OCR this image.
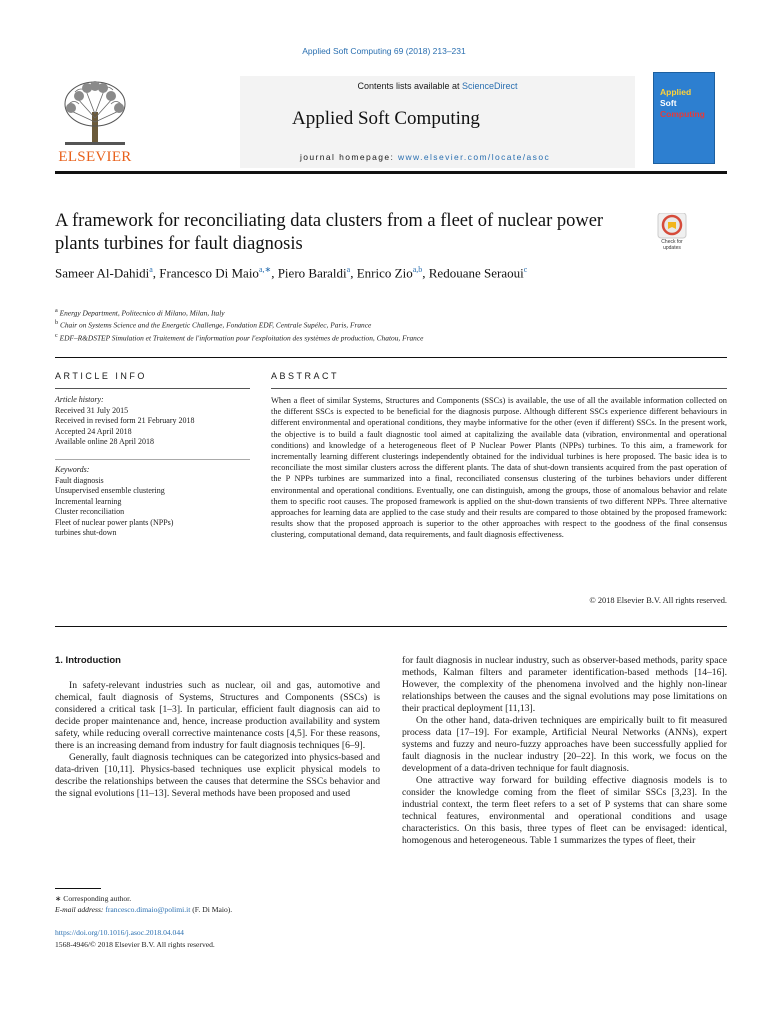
Applied Soft Computing 69 (2018) 213–231
ELSEVIER
Contents lists available at ScienceDirect
Applied Soft Computing
journal homepage: www.elsevier.com/locate/asoc
Applied
Soft
Computing
A framework for reconciliating data clusters from a fleet of nuclear power plants turbines for fault diagnosis	Check for updates
Sameer Al-Dahidi$^a$, Francesco Di Maio$^{a,∗}$, Piero Baraldi$^a$, Enrico Zio$^{a,b}$, Redouane Seraoui$^c$
$^a$ Energy Department, Politecnico di Milano, Milan, Italy
$^b$ Chair on Systems Science and the Energetic Challenge, Fondation EDF, Centrale Supélec, Paris, France
$^c$ EDF–R&DSTEP Simulation et Traitement de l'information pour l'exploitation des systèmes de production, Chatou, France
ARTICLE INFO	ABSTRACT
Article history:
Received 31 July 2015
Received in revised form 21 February 2018
Accepted 24 April 2018
Available online 28 April 2018
Keywords:
Fault diagnosis
Unsupervised ensemble clustering
Incremental learning
Cluster reconciliation
Fleet of nuclear power plants (NPPs)
turbines shut-down
When a fleet of similar Systems, Structures and Components (SSCs) is available, the use of all the available information collected on the different SSCs is expected to be beneficial for the diagnosis purpose. Although different SSCs experience different behaviours in different environmental and operational conditions, they maybe informative for the other (even if different) SSCs. In the present work, the objective is to build a fault diagnostic tool aimed at capitalizing the available data (vibration, environmental and operational conditions) and knowledge of a heterogeneous fleet of P Nuclear Power Plants (NPPs) turbines. To this aim, a framework for incrementally learning different clusterings independently obtained for the individual turbines is here proposed. The basic idea is to reconciliate the most similar clusters across the different plants. The data of shut-down transients acquired from the past operation of the P NPPs turbines are summarized into a final, reconciliated consensus clustering of the turbines behaviors under different environmental and operational conditions. Eventually, one can distinguish, among the groups, those of anomalous behavior and relate them to specific root causes. The proposed framework is applied on the shut-down transients of two different NPPs. Three alternative approaches for learning data are applied to the case study and their results are compared to those obtained by the proposed framework: results show that the proposed approach is superior to the other approaches with respect to the goodness of the final consensus clustering, computational demand, data requirements, and fault diagnosis effectiveness.
© 2018 Elsevier B.V. All rights reserved.
1. Introduction

In safety-relevant industries such as nuclear, oil and gas, automotive and chemical, fault diagnosis of Systems, Structures and Components (SSCs) is considered a critical task [1–3]. In particular, efficient fault diagnosis can aid to decide proper maintenance and, hence, increase production availability and system safety, while reducing overall corrective maintenance costs [4,5]. For these reasons, there is an increasing demand from industry for fault diagnosis techniques [6–9].

Generally, fault diagnosis techniques can be categorized into physics-based and data-driven [10,11]. Physics-based techniques use explicit physical models to describe the relationships between the causes that determine the SSCs behavior and the signal evolutions [11–13]. Several methods have been proposed and used

for fault diagnosis in nuclear industry, such as observer-based methods, parity space methods, Kalman filters and parameter identification-based methods [14–16]. However, the complexity of the phenomena involved and the highly non-linear relationships between the causes and the signal evolutions may pose limitations on their practical deployment [11,13].

On the other hand, data-driven techniques are empirically built to fit measured process data [17–19]. For example, Artificial Neural Networks (ANNs), expert systems and fuzzy and neuro-fuzzy approaches have been successfully applied for fault diagnosis in the nuclear industry [20–22]. In this work, we focus on the development of a data-driven technique for fault diagnosis.

One attractive way forward for building effective diagnosis models is to consider the knowledge coming from the fleet of similar SSCs [3,23]. In the industrial context, the term fleet refers to a set of P systems that can share some technical features, environmental and operational conditions and usage characteristics. On this basis, three types of fleet can be envisaged: identical, homogenous and heterogeneous. Table 1 summarizes the types of fleet, their

∗ Corresponding author.
E-mail address: francesco.dimaio@polimi.it (F. Di Maio).
https://doi.org/10.1016/j.asoc.2018.04.044
1568-4946/© 2018 Elsevier B.V. All rights reserved.
